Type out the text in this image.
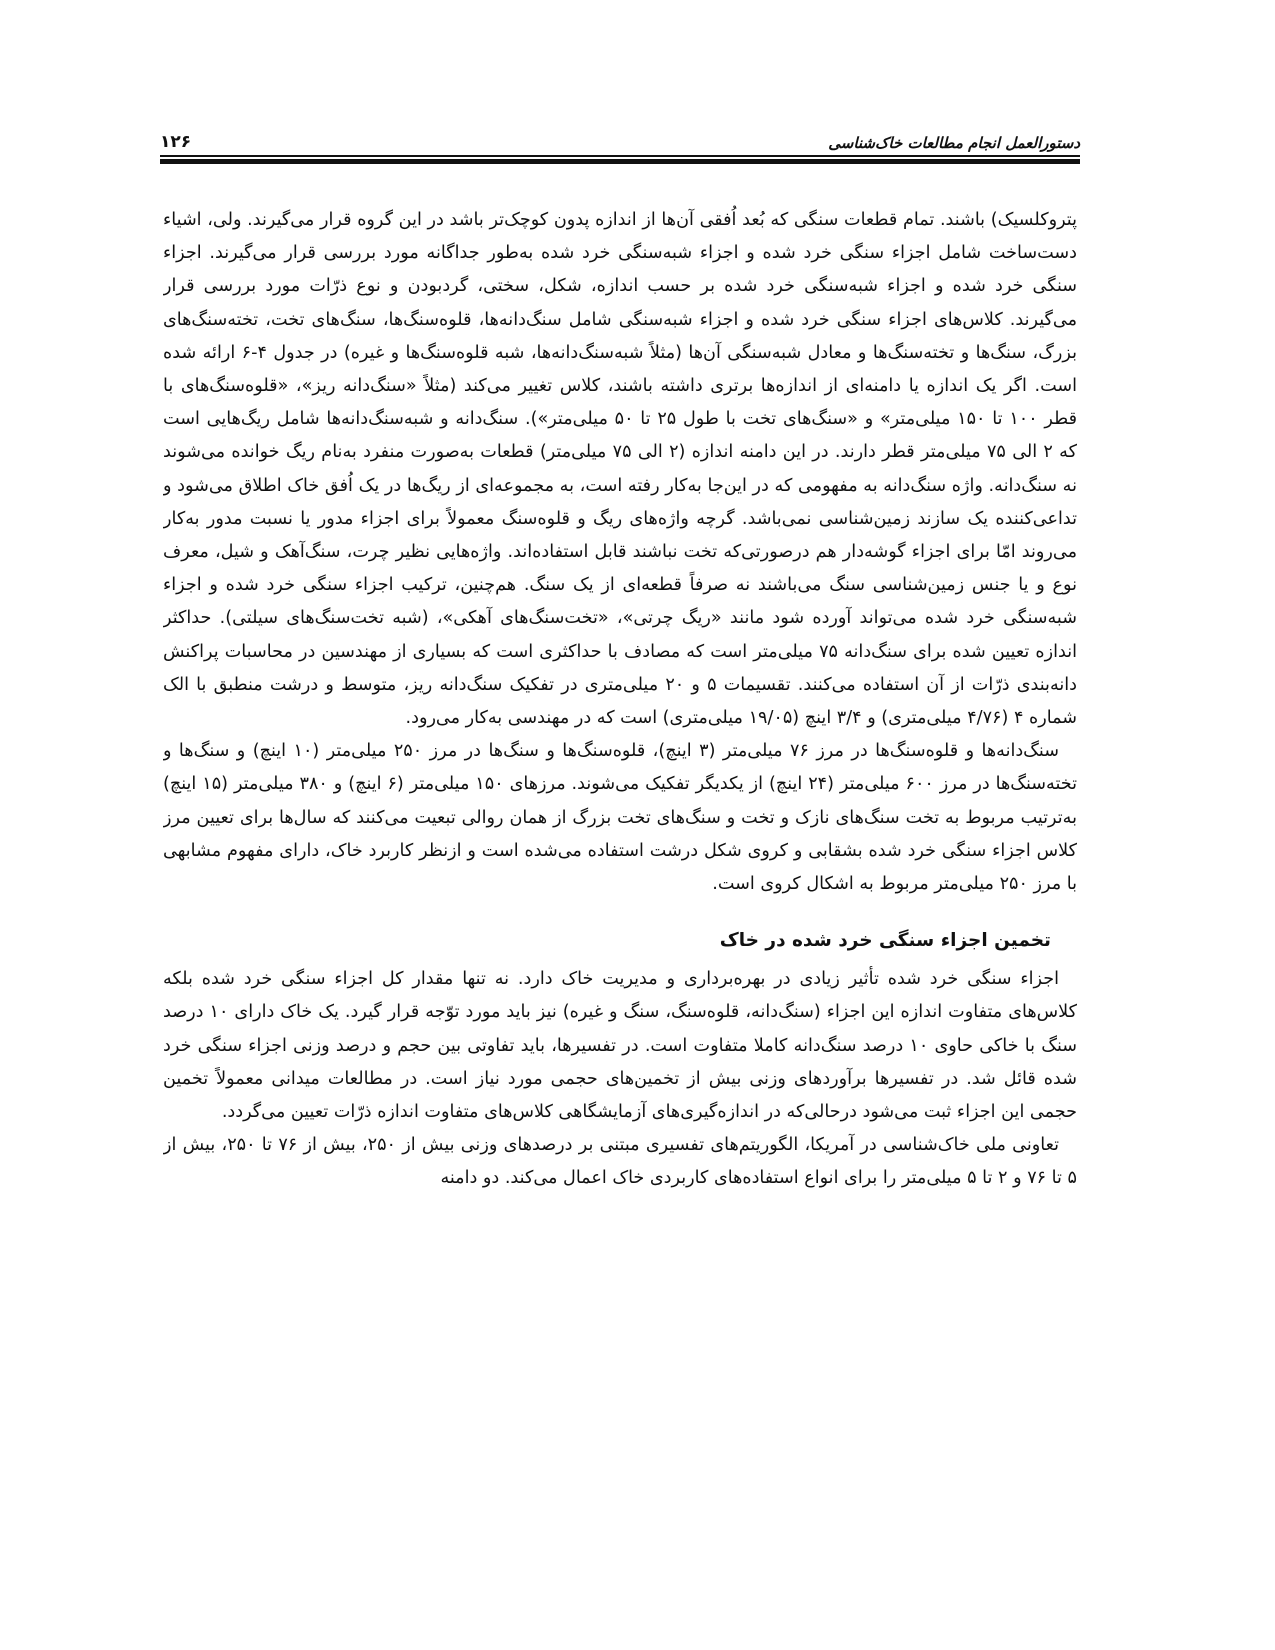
۱۲۶	دستورالعمل انجام مطالعات خاک‌شناسی

پتروکلسیک) باشند. تمام قطعات سنگی که بُعد اُفقی آن‌ها از اندازه پدون کوچک‌تر باشد در این گروه قرار می‌گیرند. ولی، اشیاء دست‌ساخت شامل اجزاء سنگی خرد شده و اجزاء شبه‌سنگی خرد شده به‌طور جداگانه مورد بررسی قرار می‌گیرند. اجزاء سنگی خرد شده و اجزاء شبه‌سنگی خرد شده بر حسب اندازه، شکل، سختی، گردبودن و نوع ذرّات مورد بررسی قرار می‌گیرند. کلاس‌های اجزاء سنگی خرد شده و اجزاء شبه‌سنگی شامل سنگ‌دانه‌ها، قلوه‌سنگ‌ها، سنگ‌های تخت، تخته‌سنگ‌های بزرگ، سنگ‌ها و تخته‌سنگ‌ها و معادل شبه‌سنگی آن‌ها (مثلاً شبه‌سنگ‌دانه‌ها، شبه قلوه‌سنگ‌ها و غیره) در جدول ۴-۶ ارائه شده است. اگر یک اندازه یا دامنه‌ای از اندازه‌ها برتری داشته باشند، کلاس تغییر می‌کند (مثلاً «سنگ‌دانه ریز»، «قلوه‌سنگ‌های با قطر ۱۰۰ تا ۱۵۰ میلی‌متر» و «سنگ‌های تخت با طول ۲۵ تا ۵۰ میلی‌متر»). سنگ‌دانه و شبه‌سنگ‌دانه‌ها شامل ریگ‌هایی است که ۲ الی ۷۵ میلی‌متر قطر دارند. در این دامنه اندازه (۲ الی ۷۵ میلی‌متر) قطعات به‌صورت منفرد به‌نام ریگ خوانده می‌شوند نه سنگ‌دانه. واژه سنگ‌دانه به مفهومی که در این‌جا به‌کار رفته است، به مجموعه‌ای از ریگ‌ها در یک اُفق خاک اطلاق می‌شود و تداعی‌کننده یک سازند زمین‌شناسی نمی‌باشد. گرچه واژه‌های ریگ و قلوه‌سنگ معمولاً برای اجزاء مدور یا نسبت مدور به‌کار می‌روند امّا برای اجزاء گوشه‌دار هم درصورتی‌که تخت نباشند قابل استفاده‌اند. واژه‌هایی نظیر چرت، سنگ‌آهک و شیل، معرف نوع و یا جنس زمین‌شناسی سنگ می‌باشند نه صرفاً قطعه‌ای از یک سنگ. هم‌چنین، ترکیب اجزاء سنگی خرد شده و اجزاء شبه‌سنگی خرد شده می‌تواند آورده شود مانند «ریگ چرتی»، «تخت‌سنگ‌های آهکی»، (شبه تخت‌سنگ‌های سیلتی). حداکثر اندازه تعیین شده برای سنگ‌دانه ۷۵ میلی‌متر است که مصادف با حداکثری است که بسیاری از مهندسین در محاسبات پراکنش دانه‌بندی ذرّات از آن استفاده می‌کنند. تقسیمات ۵ و ۲۰ میلی‌متری در تفکیک سنگ‌دانه ریز، متوسط و درشت منطبق با الک شماره ۴ (۴/۷۶ میلی‌متری) و ۳/۴ اینچ (۱۹/۰۵ میلی‌متری) است که در مهندسی به‌کار می‌رود.

سنگ‌دانه‌ها و قلوه‌سنگ‌ها در مرز ۷۶ میلی‌متر (۳ اینچ)، قلوه‌سنگ‌ها و سنگ‌ها در مرز ۲۵۰ میلی‌متر (۱۰ اینچ) و سنگ‌ها و تخته‌سنگ‌ها در مرز ۶۰۰ میلی‌متر (۲۴ اینچ) از یکدیگر تفکیک می‌شوند. مرزهای ۱۵۰ میلی‌متر (۶ اینچ) و ۳۸۰ میلی‌متر (۱۵ اینچ) به‌ترتیب مربوط به تخت سنگ‌های نازک و تخت و سنگ‌های تخت بزرگ از همان روالی تبعیت می‌کنند که سال‌ها برای تعیین مرز کلاس اجزاء سنگی خرد شده بشقابی و کروی شکل درشت استفاده می‌شده است و ازنظر کاربرد خاک، دارای مفهوم مشابهی با مرز ۲۵۰ میلی‌متر مربوط به اشکال کروی است.

تخمین اجزاء سنگی خرد شده در خاک

اجزاء سنگی خرد شده تأثیر زیادی در بهره‌برداری و مدیریت خاک دارد. نه تنها مقدار کل اجزاء سنگی خرد شده بلکه کلاس‌های متفاوت اندازه این اجزاء (سنگ‌دانه، قلوه‌سنگ، سنگ و غیره) نیز باید مورد توّجه قرار گیرد. یک خاک دارای ۱۰ درصد سنگ با خاکی حاوی ۱۰ درصد سنگ‌دانه کاملا متفاوت است. در تفسیرها، باید تفاوتی بین حجم و درصد وزنی اجزاء سنگی خرد شده قائل شد. در تفسیرها برآوردهای وزنی بیش از تخمین‌های حجمی مورد نیاز است. در مطالعات میدانی معمولاً تخمین حجمی این اجزاء ثبت می‌شود درحالی‌که در اندازه‌گیری‌های آزمایشگاهی کلاس‌های متفاوت اندازه ذرّات تعیین می‌گردد.

تعاونی ملی خاک‌شناسی در آمریکا، الگوریتم‌های تفسیری مبتنی بر درصدهای وزنی بیش از ۲۵۰، بیش از ۷۶ تا ۲۵۰، بیش از ۵ تا ۷۶ و ۲ تا ۵ میلی‌متر را برای انواع استفاده‌های کاربردی خاک اعمال می‌کند. دو دامنه
